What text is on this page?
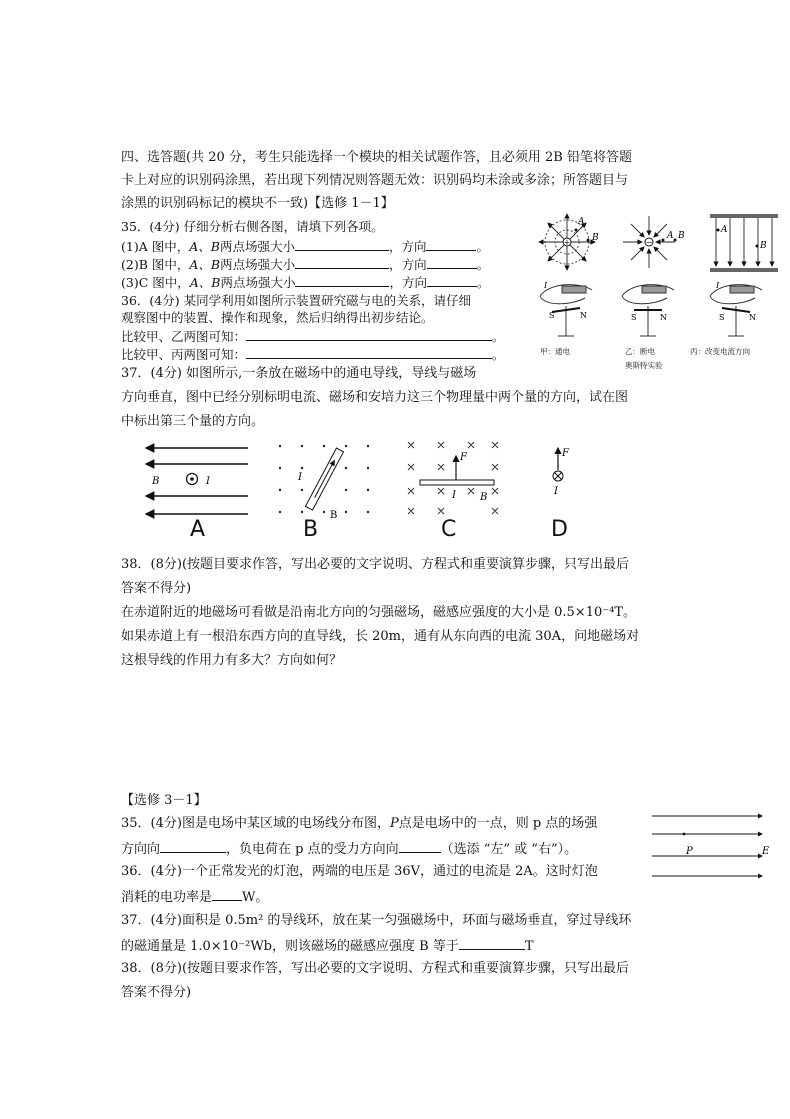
四、选答题(共 20 分，考生只能选择一个模块的相关试题作答，且必须用 2B 铅笔将答题
卡上对应的识别码涂黑，若出现下列情况则答题无效：识别码均未涂或多涂；所答题目与
涂黑的识别码标记的模块不一致)【选修 1－1】
35．(4分) 仔细分析右侧各图，请填下列各项。
(1)A 图中，A、B两点场强大小	，方向	。
(2)B 图中，A、B两点场强大小	，方向	。
(3)C 图中，A、B两点场强大小	，方向	。
+
A
B	−
A B
A
B
36．(4分) 某同学利用如图所示装置研究磁与电的关系，请仔细
观察图中的装置、操作和现象，然后归纳得出初步结论。
比较甲、乙两图可知：	。
比较甲、丙两图可知：	。
S	N
I
S	N	S	N
I
甲：通电	乙：断电	丙：改变电流方向
奥斯特实验
37．(4分) 如图所示,一条放在磁场中的通电导线，导线与磁场
方向垂直，图中已经分别标明电流、磁场和安培力这三个物理量中两个量的方向，试在图
中标出第三个量的方向。
B	I	I
B
F
I B
F
I
A	B	C	D
38．(8分)(按题目要求作答，写出必要的文字说明、方程式和重要演算步骤，只写出最后
答案不得分)
在赤道附近的地磁场可看做是沿南北方向的匀强磁场，磁感应强度的大小是 0.5×10⁻⁴T。
如果赤道上有一根沿东西方向的直导线，长 20m，通有从东向西的电流 30A，问地磁场对
这根导线的作用力有多大？方向如何？
【选修 3－1】
35．(4分)图是电场中某区域的电场线分布图，P点是电场中的一点，则 p 点的场强
方向向	，负电荷在 p 点的受力方向向	（选添 “左” 或 “右”）。	P	E
36．(4分)一个正常发光的灯泡，两端的电压是 36V，通过的电流是 2A。这时灯泡
消耗的电功率是 W。
37．(4分)面积是 0.5m² 的导线环，放在某一匀强磁场中，环面与磁场垂直，穿过导线环
的磁通量是 1.0×10⁻²Wb，则该磁场的磁感应强度 B 等于	T
38．(8分)(按题目要求作答，写出必要的文字说明、方程式和重要演算步骤，只写出最后
答案不得分)
